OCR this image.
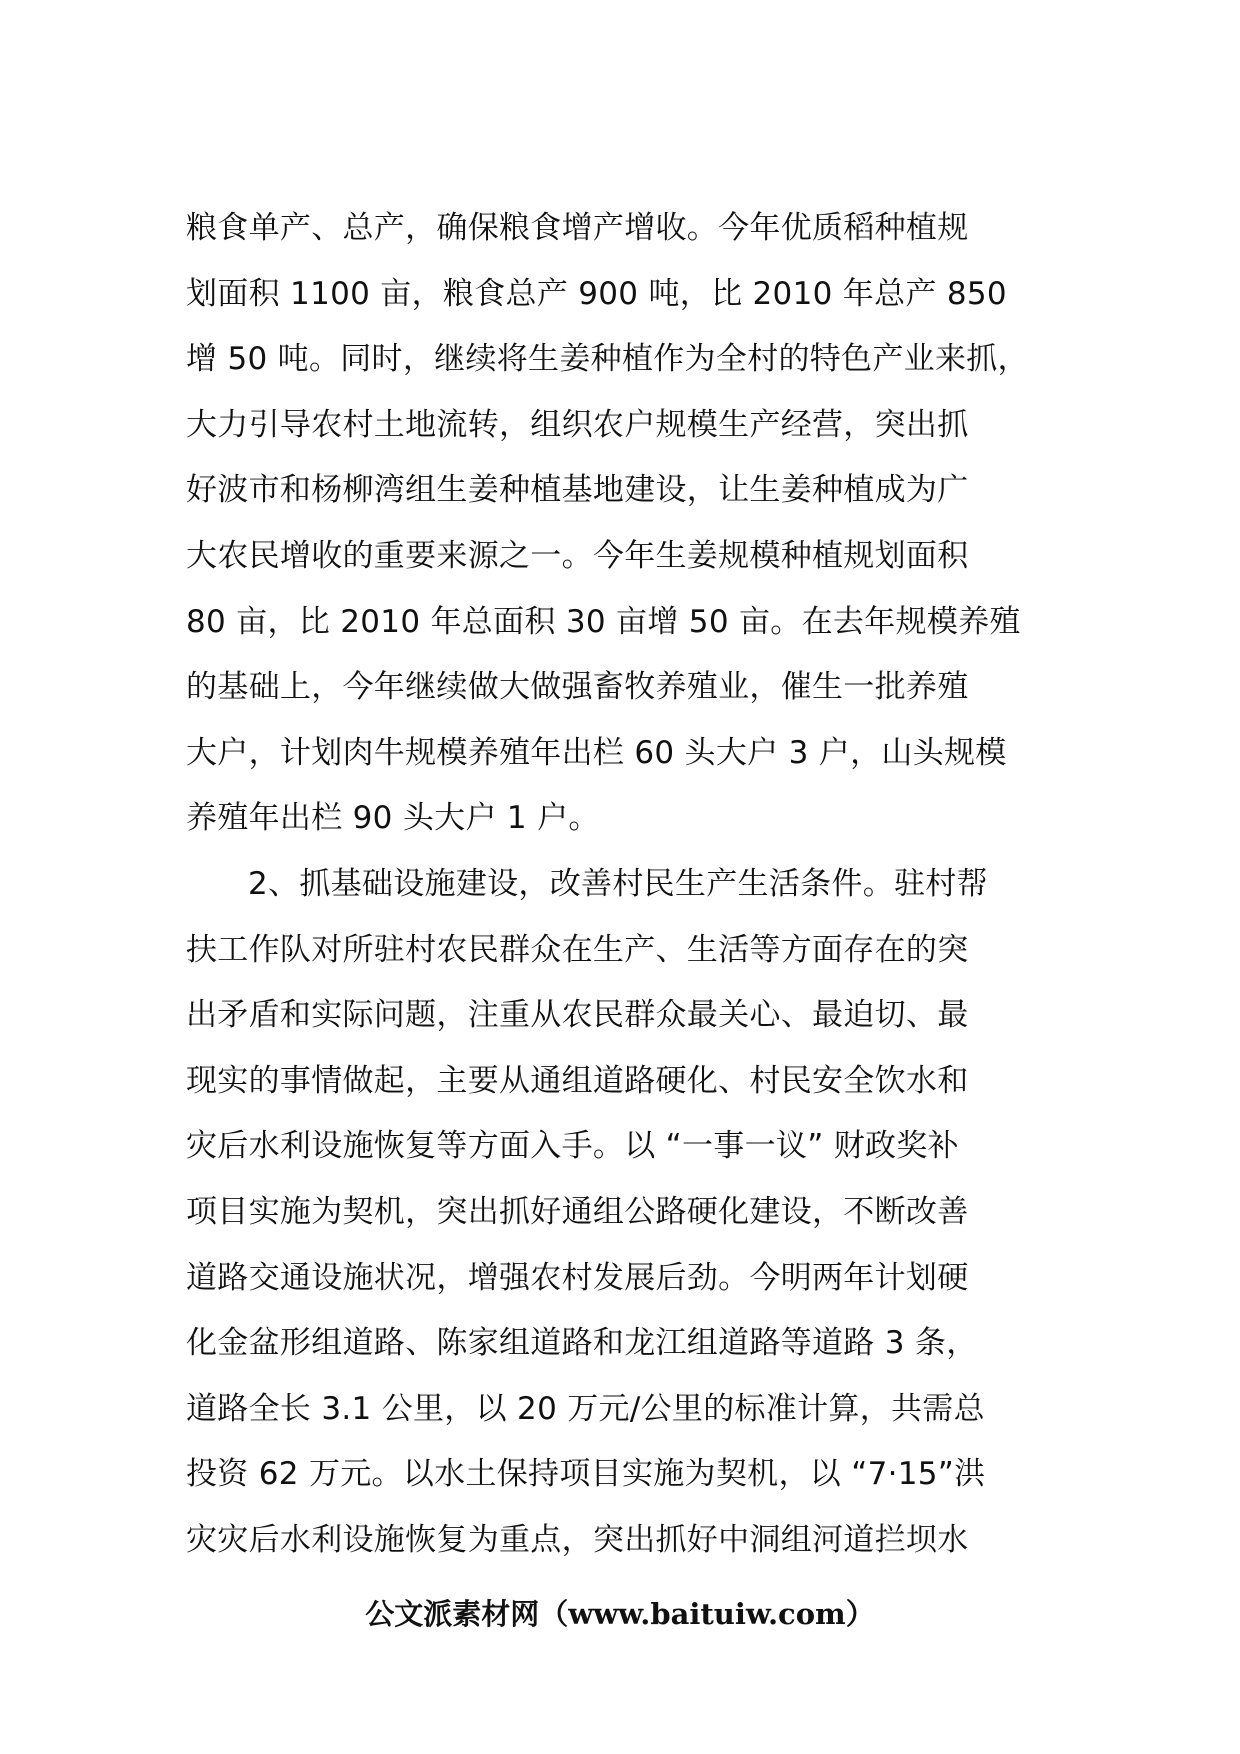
粮食单产、总产，确保粮食增产增收。今年优质稻种植规
划面积 1100 亩，粮食总产 900 吨，比 2010 年总产 850
增 50 吨。同时，继续将生姜种植作为全村的特色产业来抓，
大力引导农村土地流转，组织农户规模生产经营，突出抓
好波市和杨柳湾组生姜种植基地建设，让生姜种植成为广
大农民增收的重要来源之一。今年生姜规模种植规划面积
80 亩，比 2010 年总面积 30 亩增 50 亩。在去年规模养殖
的基础上，今年继续做大做强畜牧养殖业，催生一批养殖
大户，计划肉牛规模养殖年出栏 60 头大户 3 户，山头规模
养殖年出栏 90 头大户 1 户。
2、抓基础设施建设，改善村民生产生活条件。驻村帮
扶工作队对所驻村农民群众在生产、生活等方面存在的突
出矛盾和实际问题，注重从农民群众最关心、最迫切、最
现实的事情做起，主要从通组道路硬化、村民安全饮水和
灾后水利设施恢复等方面入手。以 “一事一议” 财政奖补
项目实施为契机，突出抓好通组公路硬化建设，不断改善
道路交通设施状况，增强农村发展后劲。今明两年计划硬
化金盆形组道路、陈家组道路和龙江组道路等道路 3 条，
道路全长 3.1 公里，以 20 万元/公里的标准计算，共需总
投资 62 万元。以水土保持项目实施为契机，以 “7·15”洪
灾灾后水利设施恢复为重点，突出抓好中洞组河道拦坝水
公文派素材网（www.baituiw.com）
